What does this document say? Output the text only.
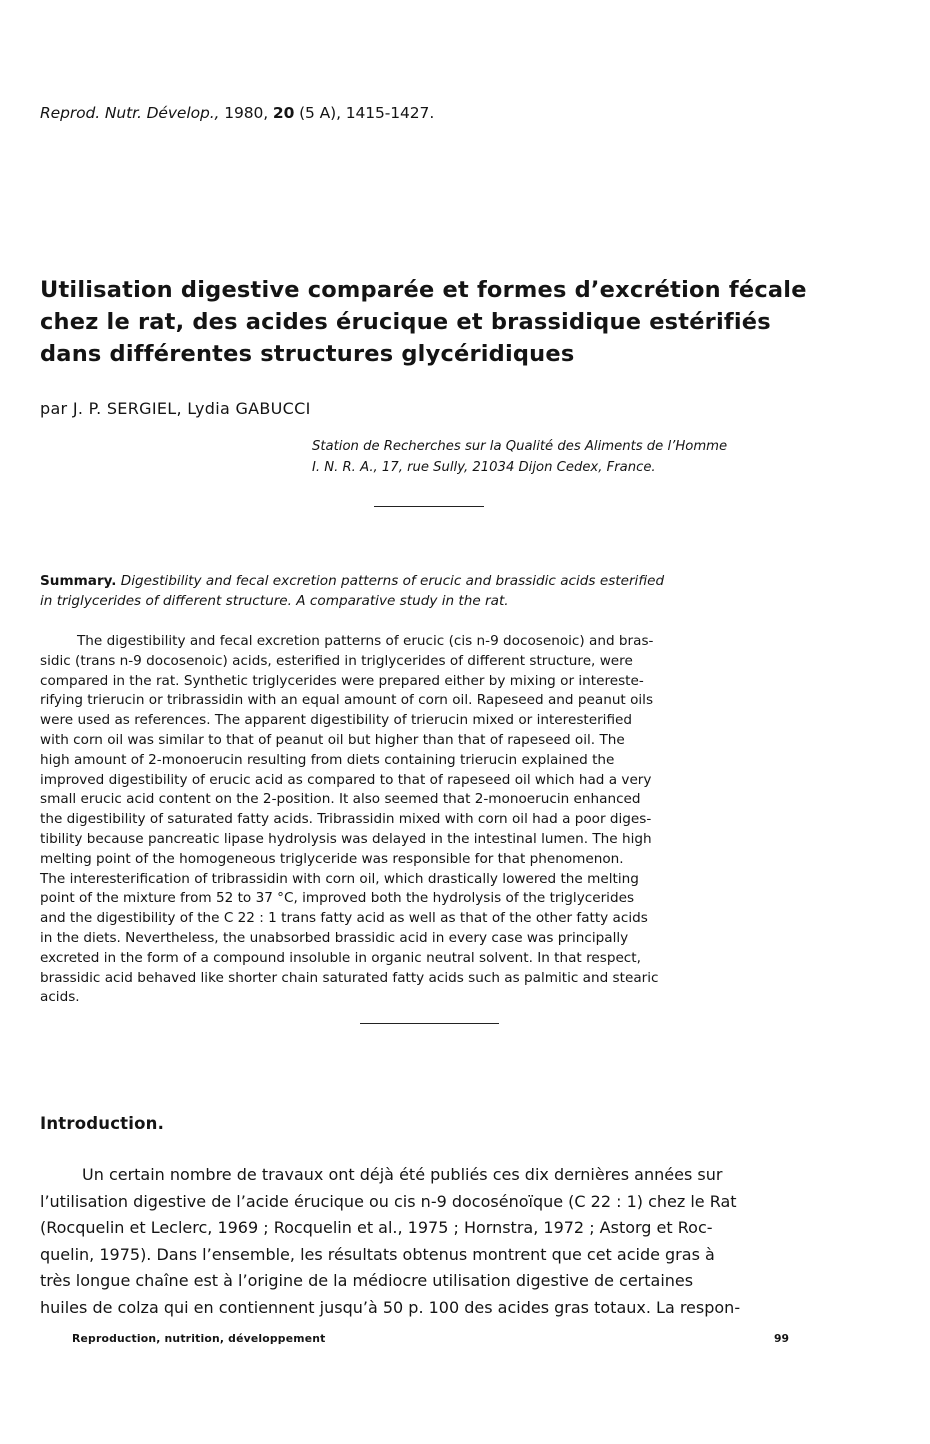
Reprod. Nutr. Dévelop., 1980, 20 (5 A), 1415-1427.
Utilisation digestive comparée et formes d’excrétion fécale
chez le rat, des acides érucique et brassidique estérifiés
dans différentes structures glycéridiques
par J. P. SERGIEL, Lydia GABUCCI
Station de Recherches sur la Qualité des Aliments de l’Homme
I. N. R. A., 17, rue Sully, 21034 Dijon Cedex, France.
Summary. Digestibility and fecal excretion patterns of erucic and brassidic acids esterified
in triglycerides of different structure. A comparative study in the rat.
The digestibility and fecal excretion patterns of erucic (cis n-9 docosenoic) and bras-
sidic (trans n-9 docosenoic) acids, esterified in triglycerides of different structure, were
compared in the rat. Synthetic triglycerides were prepared either by mixing or intereste-
rifying trierucin or tribrassidin with an equal amount of corn oil. Rapeseed and peanut oils
were used as references. The apparent digestibility of trierucin mixed or interesterified
with corn oil was similar to that of peanut oil but higher than that of rapeseed oil. The
high amount of 2-monoerucin resulting from diets containing trierucin explained the
improved digestibility of erucic acid as compared to that of rapeseed oil which had a very
small erucic acid content on the 2-position. It also seemed that 2-monoerucin enhanced
the digestibility of saturated fatty acids. Tribrassidin mixed with corn oil had a poor diges-
tibility because pancreatic lipase hydrolysis was delayed in the intestinal lumen. The high
melting point of the homogeneous triglyceride was responsible for that phenomenon.
The interesterification of tribrassidin with corn oil, which drastically lowered the melting
point of the mixture from 52 to 37 °C, improved both the hydrolysis of the triglycerides
and the digestibility of the C 22 : 1 trans fatty acid as well as that of the other fatty acids
in the diets. Nevertheless, the unabsorbed brassidic acid in every case was principally
excreted in the form of a compound insoluble in organic neutral solvent. In that respect,
brassidic acid behaved like shorter chain saturated fatty acids such as palmitic and stearic
acids.
Introduction.
Un certain nombre de travaux ont déjà été publiés ces dix dernières années sur
l’utilisation digestive de l’acide érucique ou cis n-9 docosénoïque (C 22 : 1) chez le Rat
(Rocquelin et Leclerc, 1969 ; Rocquelin et al., 1975 ; Hornstra, 1972 ; Astorg et Roc-
quelin, 1975). Dans l’ensemble, les résultats obtenus montrent que cet acide gras à
très longue chaîne est à l’origine de la médiocre utilisation digestive de certaines
huiles de colza qui en contiennent jusqu’à 50 p. 100 des acides gras totaux. La respon-
Reproduction, nutrition, développement	99
